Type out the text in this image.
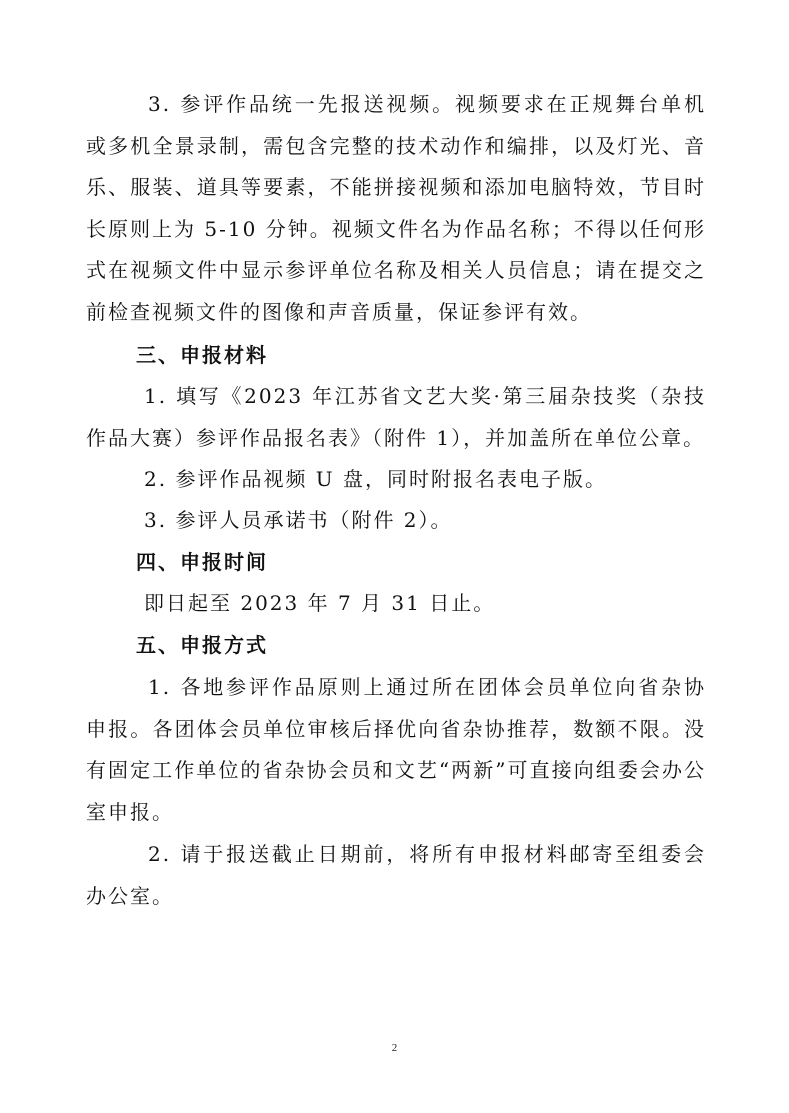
3. 参评作品统一先报送视频。视频要求在正规舞台单机或多机全景录制，需包含完整的技术动作和编排，以及灯光、音乐、服装、道具等要素，不能拼接视频和添加电脑特效，节目时长原则上为 5-10 分钟。视频文件名为作品名称；不得以任何形式在视频文件中显示参评单位名称及相关人员信息；请在提交之前检查视频文件的图像和声音质量，保证参评有效。

三、申报材料

1. 填写《2023 年江苏省文艺大奖·第三届杂技奖（杂技作品大赛）参评作品报名表》（附件 1），并加盖所在单位公章。

2. 参评作品视频 U 盘，同时附报名表电子版。

3. 参评人员承诺书（附件 2）。

四、申报时间

即日起至 2023 年 7 月 31 日止。

五、申报方式

1. 各地参评作品原则上通过所在团体会员单位向省杂协申报。各团体会员单位审核后择优向省杂协推荐，数额不限。没有固定工作单位的省杂协会员和文艺“两新”可直接向组委会办公室申报。

2. 请于报送截止日期前，将所有申报材料邮寄至组委会办公室。

2
